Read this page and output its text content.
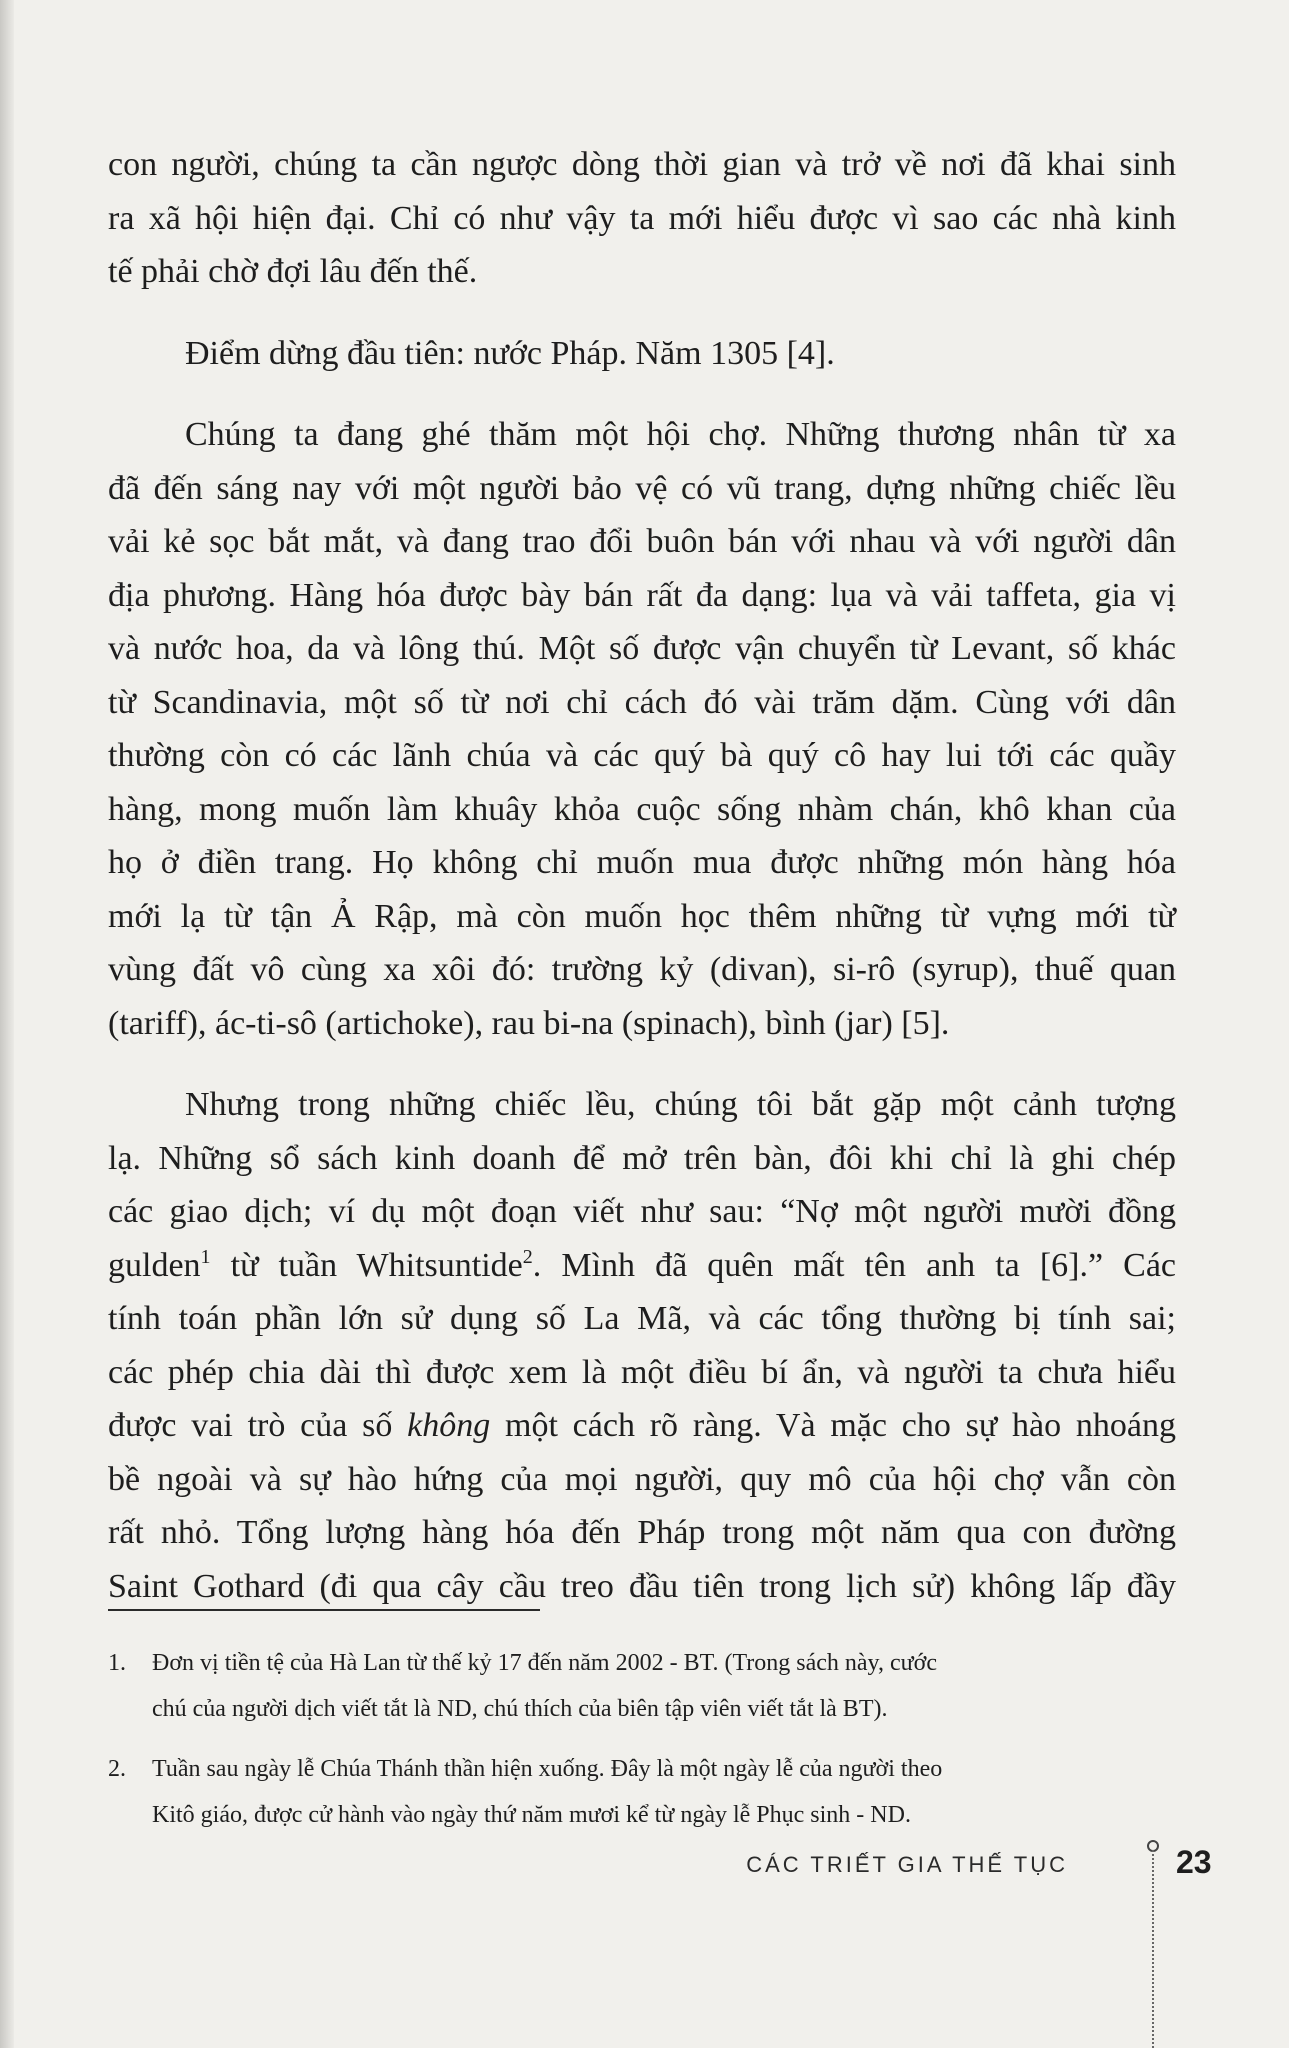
con người, chúng ta cần ngược dòng thời gian và trở về nơi đã khai sinh
ra xã hội hiện đại. Chỉ có như vậy ta mới hiểu được vì sao các nhà kinh
tế phải chờ đợi lâu đến thế.
Điểm dừng đầu tiên: nước Pháp. Năm 1305 [4].
Chúng ta đang ghé thăm một hội chợ. Những thương nhân từ xa
đã đến sáng nay với một người bảo vệ có vũ trang, dựng những chiếc lều
vải kẻ sọc bắt mắt, và đang trao đổi buôn bán với nhau và với người dân
địa phương. Hàng hóa được bày bán rất đa dạng: lụa và vải taffeta, gia vị
và nước hoa, da và lông thú. Một số được vận chuyển từ Levant, số khác
từ Scandinavia, một số từ nơi chỉ cách đó vài trăm dặm. Cùng với dân
thường còn có các lãnh chúa và các quý bà quý cô hay lui tới các quầy
hàng, mong muốn làm khuây khỏa cuộc sống nhàm chán, khô khan của
họ ở điền trang. Họ không chỉ muốn mua được những món hàng hóa
mới lạ từ tận Ả Rập, mà còn muốn học thêm những từ vựng mới từ
vùng đất vô cùng xa xôi đó: trường kỷ (divan), si-rô (syrup), thuế quan
(tariff), ác-ti-sô (artichoke), rau bi-na (spinach), bình (jar) [5].
Nhưng trong những chiếc lều, chúng tôi bắt gặp một cảnh tượng
lạ. Những sổ sách kinh doanh để mở trên bàn, đôi khi chỉ là ghi chép
các giao dịch; ví dụ một đoạn viết như sau: “Nợ một người mười đồng
gulden$^1$ từ tuần Whitsuntide$^2$. Mình đã quên mất tên anh ta [6].” Các
tính toán phần lớn sử dụng số La Mã, và các tổng thường bị tính sai;
các phép chia dài thì được xem là một điều bí ẩn, và người ta chưa hiểu
được vai trò của số không một cách rõ ràng. Và mặc cho sự hào nhoáng
bề ngoài và sự hào hứng của mọi người, quy mô của hội chợ vẫn còn
rất nhỏ. Tổng lượng hàng hóa đến Pháp trong một năm qua con đường
Saint Gothard (đi qua cây cầu treo đầu tiên trong lịch sử) không lấp đầy
1. Đơn vị tiền tệ của Hà Lan từ thế kỷ 17 đến năm 2002 - BT. (Trong sách này, cước
chú của người dịch viết tắt là ND, chú thích của biên tập viên viết tắt là BT).
2. Tuần sau ngày lễ Chúa Thánh thần hiện xuống. Đây là một ngày lễ của người theo
Kitô giáo, được cử hành vào ngày thứ năm mươi kể từ ngày lễ Phục sinh - ND.
CÁC TRIẾT GIA THẾ TỤC	23
